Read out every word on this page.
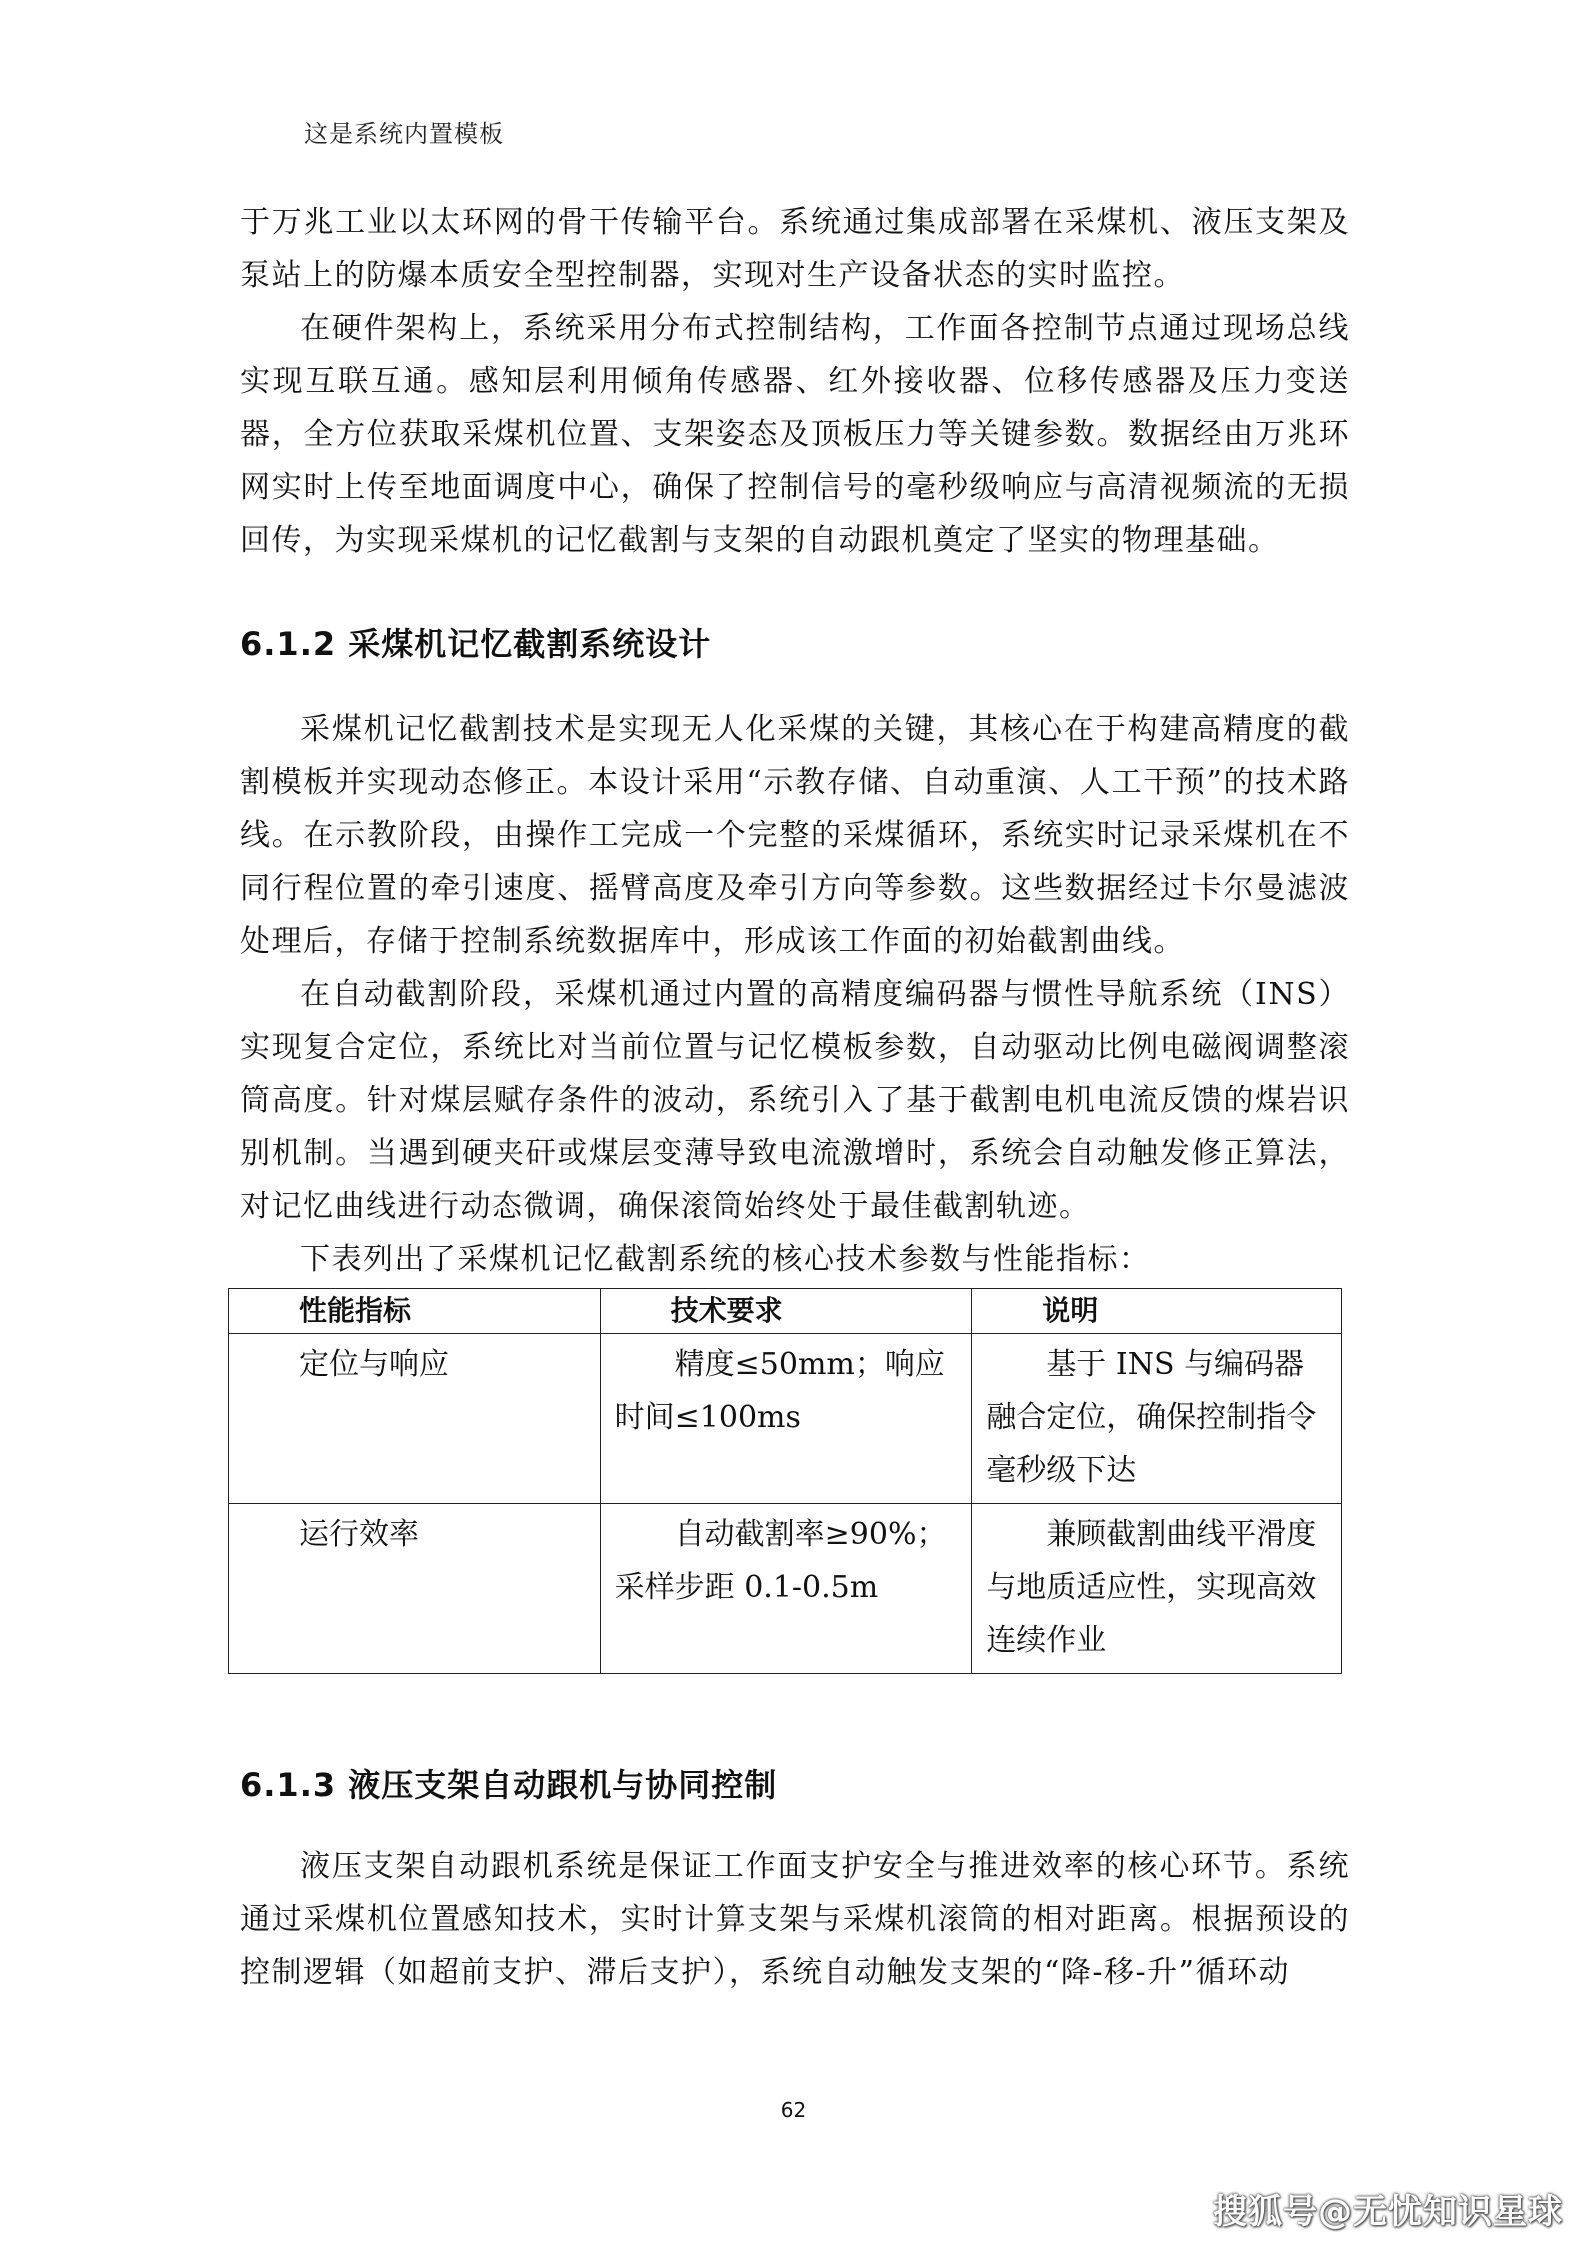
这是系统内置模板

于万兆工业以太环网的骨干传输平台。系统通过集成部署在采煤机、液压支架及泵站上的防爆本质安全型控制器，实现对生产设备状态的实时监控。

在硬件架构上，系统采用分布式控制结构，工作面各控制节点通过现场总线实现互联互通。感知层利用倾角传感器、红外接收器、位移传感器及压力变送器，全方位获取采煤机位置、支架姿态及顶板压力等关键参数。数据经由万兆环网实时上传至地面调度中心，确保了控制信号的毫秒级响应与高清视频流的无损回传，为实现采煤机的记忆截割与支架的自动跟机奠定了坚实的物理基础。

6.1.2 采煤机记忆截割系统设计

采煤机记忆截割技术是实现无人化采煤的关键，其核心在于构建高精度的截割模板并实现动态修正。本设计采用“示教存储、自动重演、人工干预”的技术路线。在示教阶段，由操作工完成一个完整的采煤循环，系统实时记录采煤机在不同行程位置的牵引速度、摇臂高度及牵引方向等参数。这些数据经过卡尔曼滤波处理后，存储于控制系统数据库中，形成该工作面的初始截割曲线。

在自动截割阶段，采煤机通过内置的高精度编码器与惯性导航系统（INS）实现复合定位，系统比对当前位置与记忆模板参数，自动驱动比例电磁阀调整滚筒高度。针对煤层赋存条件的波动，系统引入了基于截割电机电流反馈的煤岩识别机制。当遇到硬夹矸或煤层变薄导致电流激增时，系统会自动触发修正算法，对记忆曲线进行动态微调，确保滚筒始终处于最佳截割轨迹。

下表列出了采煤机记忆截割系统的核心技术参数与性能指标：

性能指标	技术要求	说明
定位与响应	精度≤50mm；响应时间≤100ms	基于 INS 与编码器融合定位，确保控制指令毫秒级下达
运行效率	自动截割率≥90%；采样步距 0.1-0.5m	兼顾截割曲线平滑度与地质适应性，实现高效连续作业
6.1.3 液压支架自动跟机与协同控制

液压支架自动跟机系统是保证工作面支护安全与推进效率的核心环节。系统通过采煤机位置感知技术，实时计算支架与采煤机滚筒的相对距离。根据预设的控制逻辑（如超前支护、滞后支护），系统自动触发支架的“降-移-升”循环动

62
搜狐号@无忧知识星球
